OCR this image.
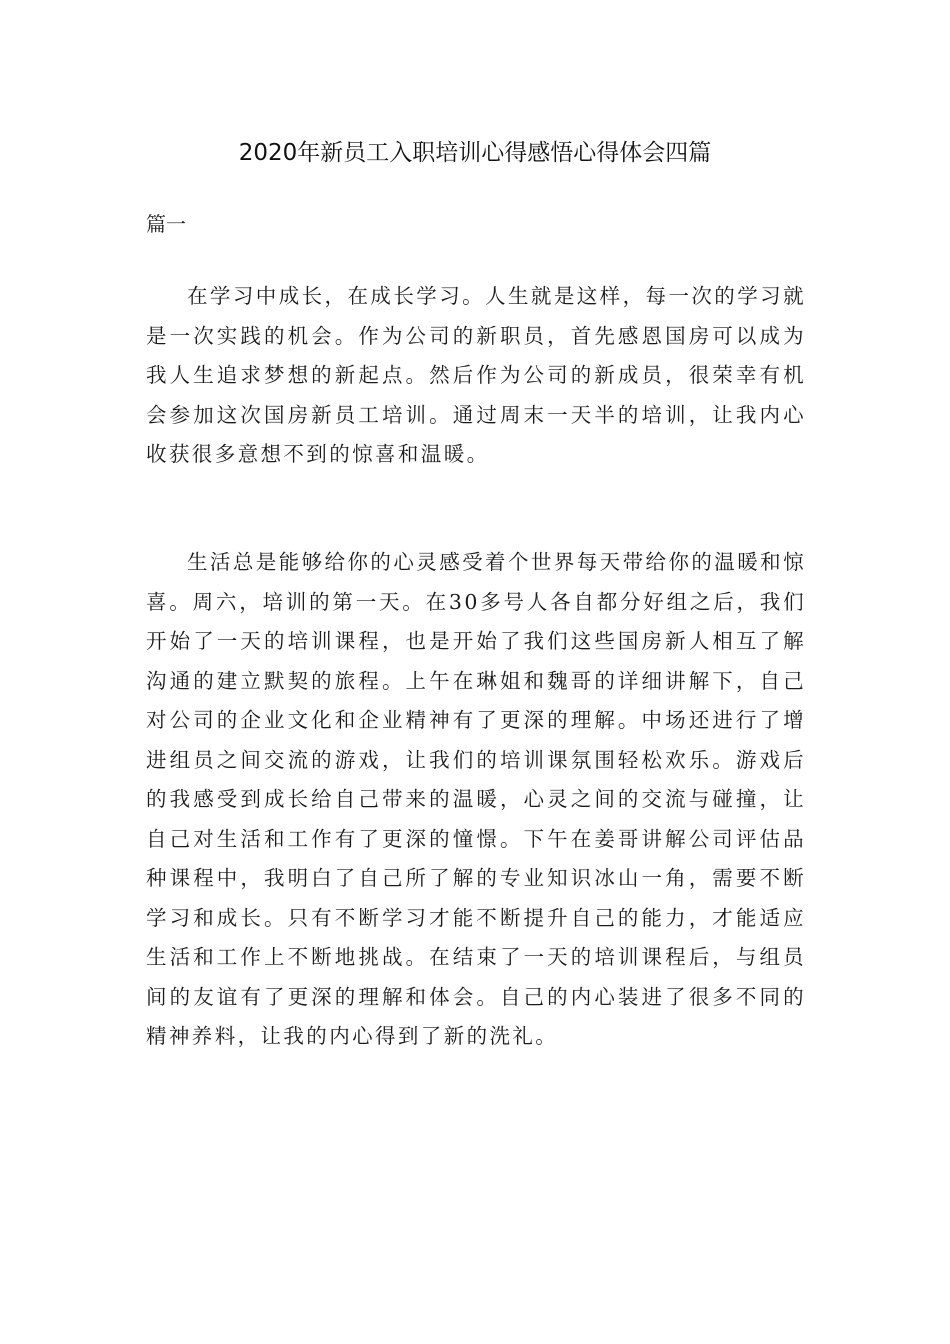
2020年新员工入职培训心得感悟心得体会四篇

篇一

在学习中成长，在成长学习。人生就是这样，每一次的学习就是一次实践的机会。作为公司的新职员，首先感恩国房可以成为我人生追求梦想的新起点。然后作为公司的新成员，很荣幸有机会参加这次国房新员工培训。通过周末一天半的培训，让我内心收获很多意想不到的惊喜和温暖。

生活总是能够给你的心灵感受着个世界每天带给你的温暖和惊喜。周六，培训的第一天。在30多号人各自都分好组之后，我们开始了一天的培训课程，也是开始了我们这些国房新人相互了解沟通的建立默契的旅程。上午在琳姐和魏哥的详细讲解下，自己对公司的企业文化和企业精神有了更深的理解。中场还进行了增进组员之间交流的游戏，让我们的培训课氛围轻松欢乐。游戏后的我感受到成长给自己带来的温暖，心灵之间的交流与碰撞，让自己对生活和工作有了更深的憧憬。下午在姜哥讲解公司评估品种课程中，我明白了自己所了解的专业知识冰山一角，需要不断学习和成长。只有不断学习才能不断提升自己的能力，才能适应生活和工作上不断地挑战。在结束了一天的培训课程后，与组员间的友谊有了更深的理解和体会。自己的内心装进了很多不同的精神养料，让我的内心得到了新的洗礼。
